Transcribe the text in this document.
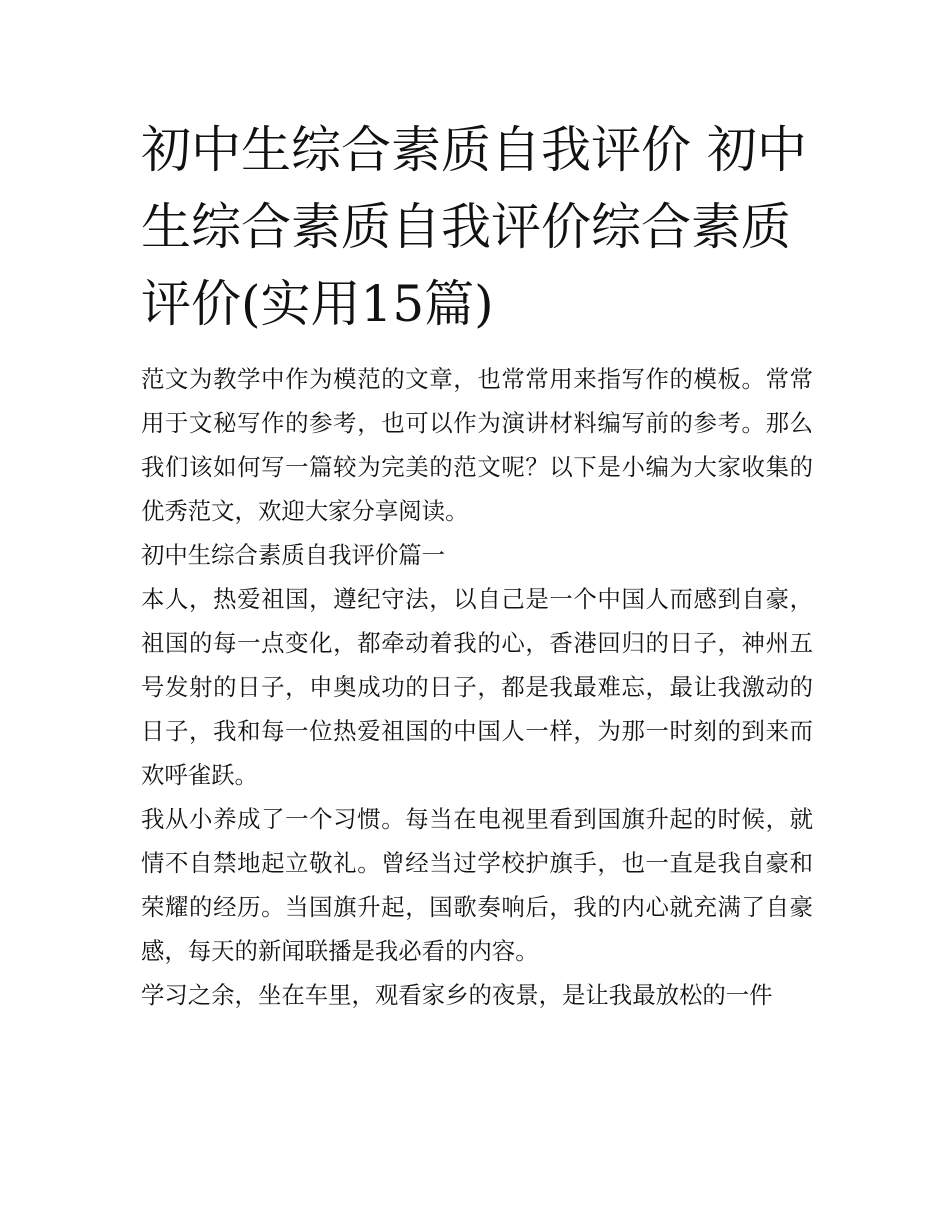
初中生综合素质自我评价 初中生综合素质自我评价综合素质评价(实用15篇)

范文为教学中作为模范的文章，也常常用来指写作的模板。常常用于文秘写作的参考，也可以作为演讲材料编写前的参考。那么我们该如何写一篇较为完美的范文呢？以下是小编为大家收集的优秀范文，欢迎大家分享阅读。

初中生综合素质自我评价篇一

本人，热爱祖国，遵纪守法，以自己是一个中国人而感到自豪，祖国的每一点变化，都牵动着我的心，香港回归的日子，神州五号发射的日子，申奥成功的日子，都是我最难忘，最让我激动的日子，我和每一位热爱祖国的中国人一样，为那一时刻的到来而欢呼雀跃。

我从小养成了一个习惯。每当在电视里看到国旗升起的时候，就情不自禁地起立敬礼。曾经当过学校护旗手，也一直是我自豪和荣耀的经历。当国旗升起，国歌奏响后，我的内心就充满了自豪感，每天的新闻联播是我必看的内容。

学习之余，坐在车里，观看家乡的夜景，是让我最放松的一件
